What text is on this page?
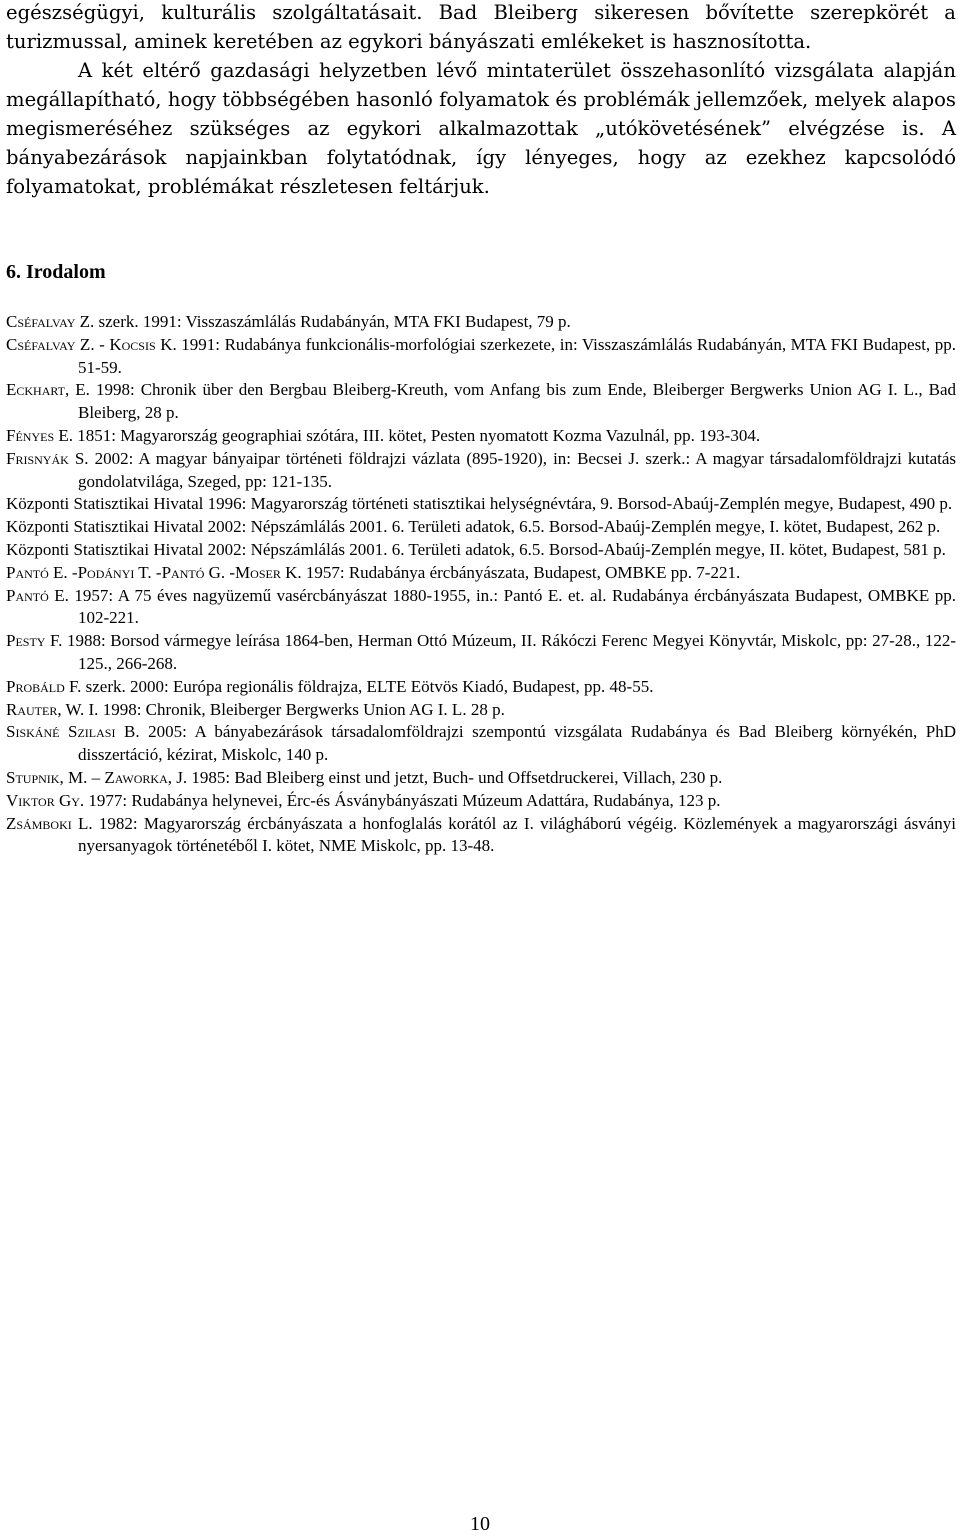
egészségügyi, kulturális szolgáltatásait. Bad Bleiberg sikeresen bővítette szerepkörét a turizmussal, aminek keretében az egykori bányászati emlékeket is hasznosította.

A két eltérő gazdasági helyzetben lévő mintaterület összehasonlító vizsgálata alapján megállapítható, hogy többségében hasonló folyamatok és problémák jellemzőek, melyek alapos megismeréséhez szükséges az egykori alkalmazottak „utókövetésének” elvégzése is. A bányabezárások napjainkban folytatódnak, így lényeges, hogy az ezekhez kapcsolódó folyamatokat, problémákat részletesen feltárjuk.

6. Irodalom
Cséfalvay Z. szerk. 1991: Visszaszámlálás Rudabányán, MTA FKI Budapest, 79 p.
Cséfalvay Z. - Kocsis K. 1991: Rudabánya funkcionális-morfológiai szerkezete, in: Visszaszámlálás Rudabányán, MTA FKI Budapest, pp. 51-59.
Eckhart, E. 1998: Chronik über den Bergbau Bleiberg-Kreuth, vom Anfang bis zum Ende, Bleiberger Bergwerks Union AG I. L., Bad Bleiberg, 28 p.
Fényes E. 1851: Magyarország geographiai szótára, III. kötet, Pesten nyomatott Kozma Vazulnál, pp. 193-304.
Frisnyák S. 2002: A magyar bányaipar történeti földrajzi vázlata (895-1920), in: Becsei J. szerk.: A magyar társadalomföldrajzi kutatás gondolatvilága, Szeged, pp: 121-135.
Központi Statisztikai Hivatal 1996: Magyarország történeti statisztikai helységnévtára, 9. Borsod-Abaúj-Zemplén megye, Budapest, 490 p.
Központi Statisztikai Hivatal 2002: Népszámlálás 2001. 6. Területi adatok, 6.5. Borsod-Abaúj-Zemplén megye, I. kötet, Budapest, 262 p.
Központi Statisztikai Hivatal 2002: Népszámlálás 2001. 6. Területi adatok, 6.5. Borsod-Abaúj-Zemplén megye, II. kötet, Budapest, 581 p.
Pantó E. -Podányi T. -Pantó G. -Moser K. 1957: Rudabánya ércbányászata, Budapest, OMBKE pp. 7-221.
Pantó E. 1957: A 75 éves nagyüzemű vasércbányászat 1880-1955, in.: Pantó E. et. al. Rudabánya ércbányászata Budapest, OMBKE pp. 102-221.
Pesty F. 1988: Borsod vármegye leírása 1864-ben, Herman Ottó Múzeum, II. Rákóczi Ferenc Megyei Könyvtár, Miskolc, pp: 27-28., 122-125., 266-268.
Probáld F. szerk. 2000: Európa regionális földrajza, ELTE Eötvös Kiadó, Budapest, pp. 48-55.
Rauter, W. I. 1998: Chronik, Bleiberger Bergwerks Union AG I. L. 28 p.
Siskáné Szilasi B. 2005: A bányabezárások társadalomföldrajzi szempontú vizsgálata Rudabánya és Bad Bleiberg környékén, PhD disszertáció, kézirat, Miskolc, 140 p.
Stupnik, M. – Zaworka, J. 1985: Bad Bleiberg einst und jetzt, Buch- und Offsetdruckerei, Villach, 230 p.
Viktor Gy. 1977: Rudabánya helynevei, Érc-és Ásványbányászati Múzeum Adattára, Rudabánya, 123 p.
Zsámboki L. 1982: Magyarország ércbányászata a honfoglalás korától az I. világháború végéig. Közlemények a magyarországi ásványi nyersanyagok történetéből I. kötet, NME Miskolc, pp. 13-48.

10
